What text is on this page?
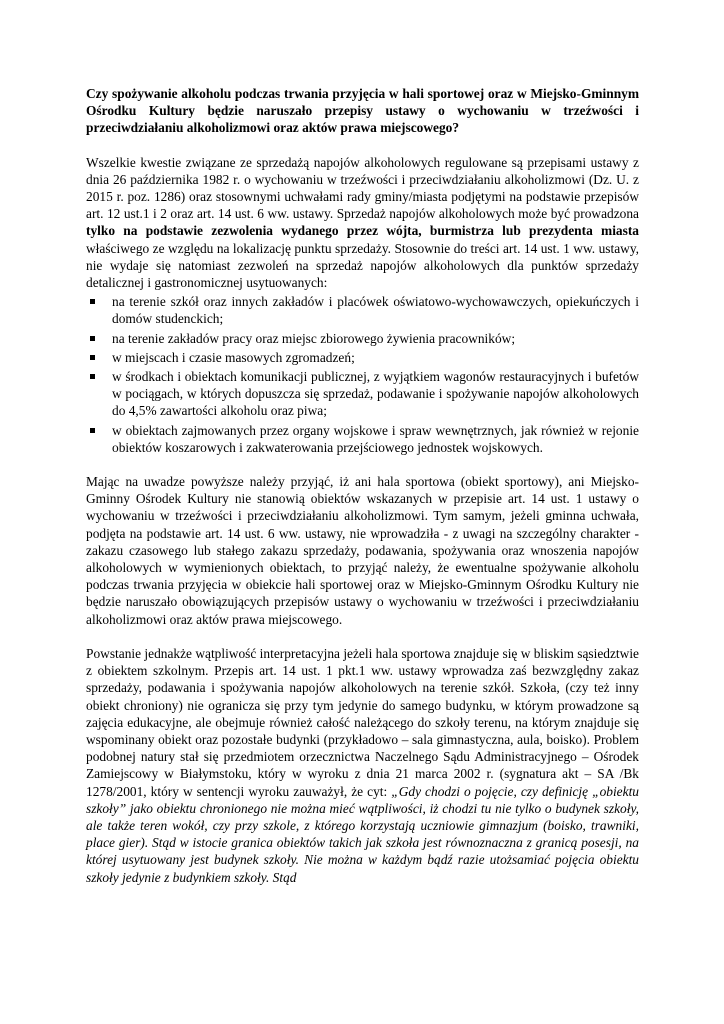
Czy spożywanie alkoholu podczas trwania przyjęcia w hali sportowej oraz w Miejsko-Gminnym Ośrodku Kultury będzie naruszało przepisy ustawy o wychowaniu w trzeźwości i przeciwdziałaniu alkoholizmowi oraz aktów prawa miejscowego?

Wszelkie kwestie związane ze sprzedażą napojów alkoholowych regulowane są przepisami ustawy z dnia 26 października 1982 r. o wychowaniu w trzeźwości i przeciwdziałaniu alkoholizmowi (Dz. U. z 2015 r. poz. 1286) oraz stosownymi uchwałami rady gminy/miasta podjętymi na podstawie przepisów art. 12 ust.1 i 2 oraz art. 14 ust. 6 ww. ustawy. Sprzedaż napojów alkoholowych może być prowadzona tylko na podstawie zezwolenia wydanego przez wójta, burmistrza lub prezydenta miasta właściwego ze względu na lokalizację punktu sprzedaży. Stosownie do treści art. 14 ust. 1 ww. ustawy, nie wydaje się natomiast zezwoleń na sprzedaż napojów alkoholowych dla punktów sprzedaży detalicznej i gastronomicznej usytuowanych:

na terenie szkół oraz innych zakładów i placówek oświatowo-wychowawczych, opiekuńczych i domów studenckich;
na terenie zakładów pracy oraz miejsc zbiorowego żywienia pracowników;
w miejscach i czasie masowych zgromadzeń;
w środkach i obiektach komunikacji publicznej, z wyjątkiem wagonów restauracyjnych i bufetów w pociągach, w których dopuszcza się sprzedaż, podawanie i spożywanie napojów alkoholowych do 4,5% zawartości alkoholu oraz piwa;
w obiektach zajmowanych przez organy wojskowe i spraw wewnętrznych, jak również w rejonie obiektów koszarowych i zakwaterowania przejściowego jednostek wojskowych.

Mając na uwadze powyższe należy przyjąć, iż ani hala sportowa (obiekt sportowy), ani Miejsko-Gminny Ośrodek Kultury nie stanowią obiektów wskazanych w przepisie art. 14 ust. 1 ustawy o wychowaniu w trzeźwości i przeciwdziałaniu alkoholizmowi. Tym samym, jeżeli gminna uchwała, podjęta na podstawie art. 14 ust. 6 ww. ustawy, nie wprowadziła - z uwagi na szczególny charakter - zakazu czasowego lub stałego zakazu sprzedaży, podawania, spożywania oraz wnoszenia napojów alkoholowych w wymienionych obiektach, to przyjąć należy, że ewentualne spożywanie alkoholu podczas trwania przyjęcia w obiekcie hali sportowej oraz w Miejsko-Gminnym Ośrodku Kultury nie będzie naruszało obowiązujących przepisów ustawy o wychowaniu w trzeźwości i przeciwdziałaniu alkoholizmowi oraz aktów prawa miejscowego.

Powstanie jednakże wątpliwość interpretacyjna jeżeli hala sportowa znajduje się w bliskim sąsiedztwie z obiektem szkolnym. Przepis art. 14 ust. 1 pkt.1 ww. ustawy wprowadza zaś bezwzględny zakaz sprzedaży, podawania i spożywania napojów alkoholowych na terenie szkół. Szkoła, (czy też inny obiekt chroniony) nie ogranicza się przy tym jedynie do samego budynku, w którym prowadzone są zajęcia edukacyjne, ale obejmuje również całość należącego do szkoły terenu, na którym znajduje się wspominany obiekt oraz pozostałe budynki (przykładowo – sala gimnastyczna, aula, boisko). Problem podobnej natury stał się przedmiotem orzecznictwa Naczelnego Sądu Administracyjnego – Ośrodek Zamiejscowy w Białymstoku, który w wyroku z dnia 21 marca 2002 r. (sygnatura akt – SA /Bk 1278/2001, który w sentencji wyroku zauważył, że cyt: „Gdy chodzi o pojęcie, czy definicję „obiektu szkoły” jako obiektu chronionego nie można mieć wątpliwości, iż chodzi tu nie tylko o budynek szkoły, ale także teren wokół, czy przy szkole, z którego korzystają uczniowie gimnazjum (boisko, trawniki, place gier). Stąd w istocie granica obiektów takich jak szkoła jest równoznaczna z granicą posesji, na której usytuowany jest budynek szkoły. Nie można w każdym bądź razie utożsamiać pojęcia obiektu szkoły jedynie z budynkiem szkoły. Stąd
